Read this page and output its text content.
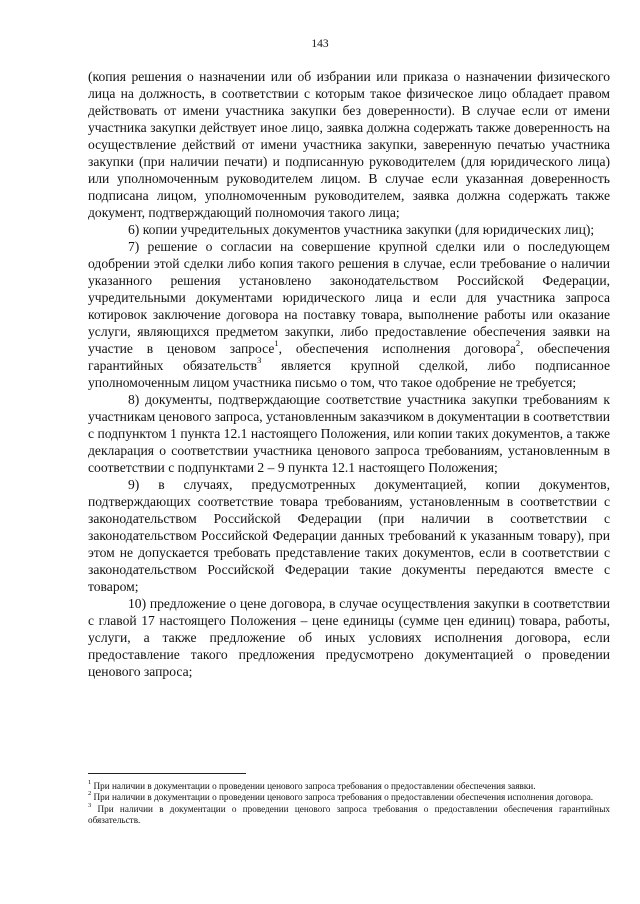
143

(копия решения о назначении или об избрании или приказа о назначении физического лица на должность, в соответствии с которым такое физическое лицо обладает правом действовать от имени участника закупки без доверенности). В случае если от имени участника закупки действует иное лицо, заявка должна содержать также доверенность на осуществление действий от имени участника закупки, заверенную печатью участника закупки (при наличии печати) и подписанную руководителем (для юридического лица) или уполномоченным руководителем лицом. В случае если указанная доверенность подписана лицом, уполномоченным руководителем, заявка должна содержать также документ, подтверждающий полномочия такого лица;

6) копии учредительных документов участника закупки (для юридических лиц);

7) решение о согласии на совершение крупной сделки или о последующем одобрении этой сделки либо копия такого решения в случае, если требование о наличии указанного решения установлено законодательством Российской Федерации, учредительными документами юридического лица и если для участника запроса котировок заключение договора на поставку товара, выполнение работы или оказание услуги, являющихся предметом закупки, либо предоставление обеспечения заявки на участие в ценовом запросе$^1$, обеспечения исполнения договора$^2$, обеспечения гарантийных обязательств$^3$ является крупной сделкой, либо подписанное уполномоченным лицом участника письмо о том, что такое одобрение не требуется;

8) документы, подтверждающие соответствие участника закупки требованиям к участникам ценового запроса, установленным заказчиком в документации в соответствии с подпунктом 1 пункта 12.1 настоящего Положения, или копии таких документов, а также декларация о соответствии участника ценового запроса требованиям, установленным в соответствии с подпунктами 2 – 9 пункта 12.1 настоящего Положения;

9) в случаях, предусмотренных документацией, копии документов, подтверждающих соответствие товара требованиям, установленным в соответствии с законодательством Российской Федерации (при наличии в соответствии с законодательством Российской Федерации данных требований к указанным товару), при этом не допускается требовать представление таких документов, если в соответствии с законодательством Российской Федерации такие документы передаются вместе с товаром;

10) предложение о цене договора, в случае осуществления закупки в соответствии с главой 17 настоящего Положения – цене единицы (сумме цен единиц) товара, работы, услуги, а также предложение об иных условиях исполнения договора, если предоставление такого предложения предусмотрено документацией о проведении ценового запроса;

$^1$ При наличии в документации о проведении ценового запроса требования о предоставлении обеспечения заявки.

$^2$ При наличии в документации о проведении ценового запроса требования о предоставлении обеспечения исполнения договора.

$^3$ При наличии в документации о проведении ценового запроса требования о предоставлении обеспечения гарантийных обязательств.
